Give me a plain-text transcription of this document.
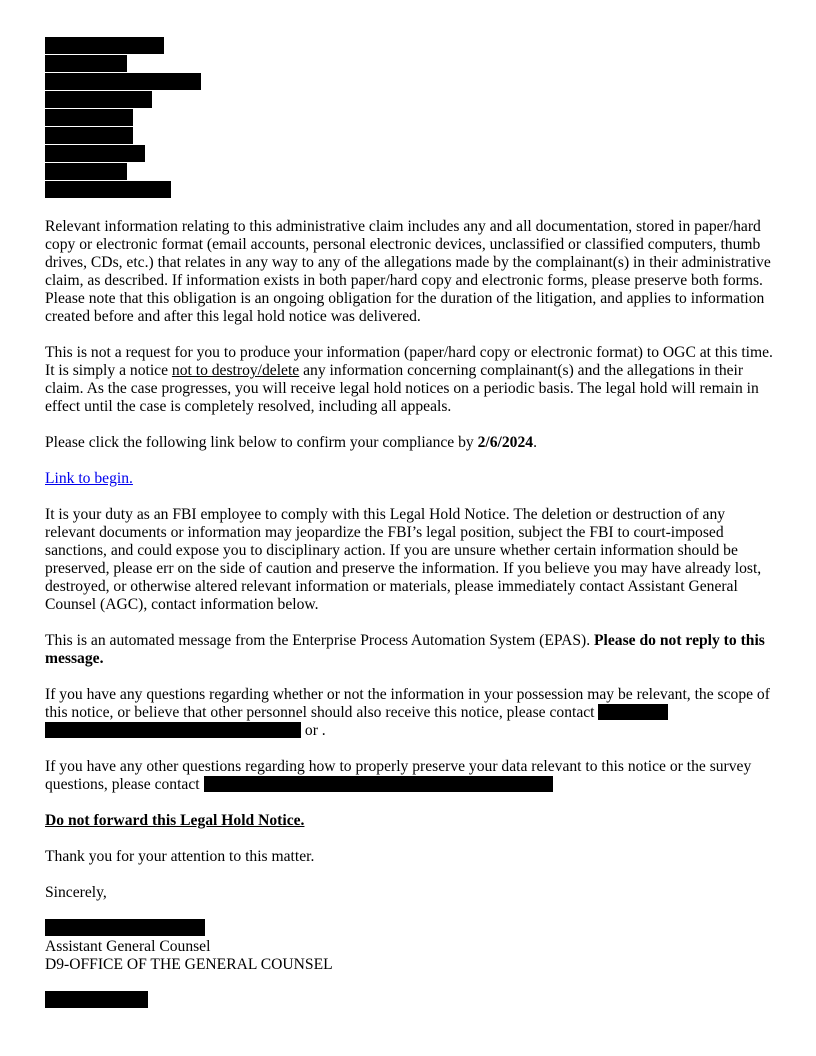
Relevant information relating to this administrative claim includes any and all documentation, stored in paper/hard copy or electronic format (email accounts, personal electronic devices, unclassified or classified computers, thumb drives, CDs, etc.) that relates in any way to any of the allegations made by the complainant(s) in their administrative claim, as described. If information exists in both paper/hard copy and electronic forms, please preserve both forms. Please note that this obligation is an ongoing obligation for the duration of the litigation, and applies to information created before and after this legal hold notice was delivered.

This is not a request for you to produce your information (paper/hard copy or electronic format) to OGC at this time. It is simply a notice not to destroy/delete any information concerning complainant(s) and the allegations in their claim. As the case progresses, you will receive legal hold notices on a periodic basis. The legal hold will remain in effect until the case is completely resolved, including all appeals.

Please click the following link below to confirm your compliance by 2/6/2024.

Link to begin.

It is your duty as an FBI employee to comply with this Legal Hold Notice. The deletion or destruction of any relevant documents or information may jeopardize the FBI’s legal position, subject the FBI to court-imposed sanctions, and could expose you to disciplinary action. If you are unsure whether certain information should be preserved, please err on the side of caution and preserve the information. If you believe you may have already lost, destroyed, or otherwise altered relevant information or materials, please immediately contact Assistant General Counsel (AGC), contact information below.

This is an automated message from the Enterprise Process Automation System (EPAS). Please do not reply to this message.

If you have any questions regarding whether or not the information in your possession may be relevant, the scope of this notice, or believe that other personnel should also receive this notice, please contact   or .

If you have any other questions regarding how to properly preserve your data relevant to this notice or the survey questions, please contact

Do not forward this Legal Hold Notice.

Thank you for your attention to this matter.

Sincerely,

Assistant General Counsel

D9-OFFICE OF THE GENERAL COUNSEL
